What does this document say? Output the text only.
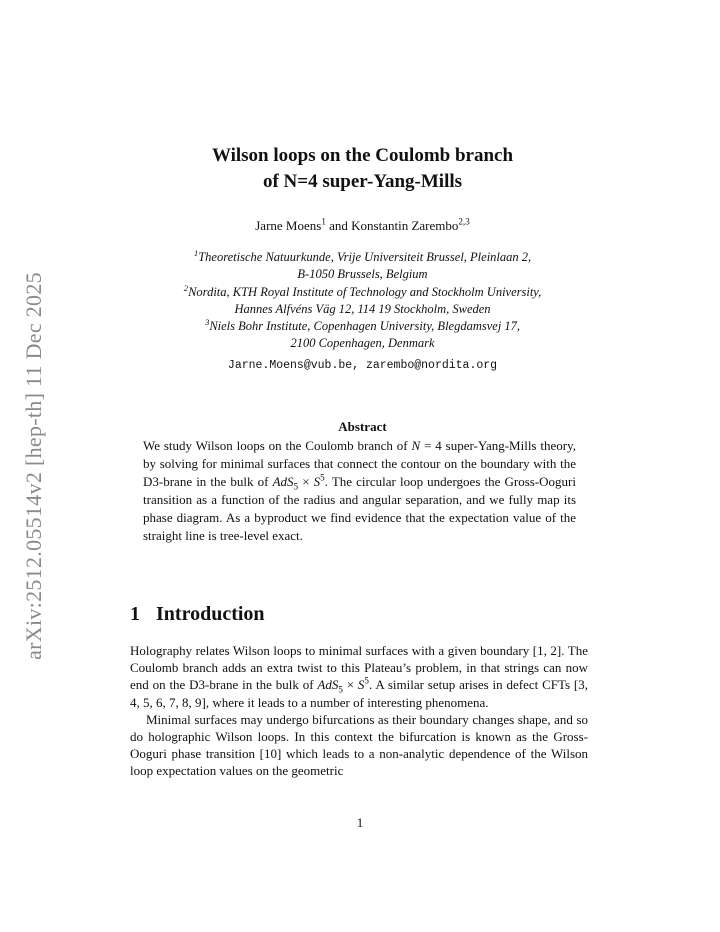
arXiv:2512.05514v2 [hep-th] 11 Dec 2025
Wilson loops on the Coulomb branch
of N=4 super-Yang-Mills
Jarne Moens$^1$ and Konstantin Zarembo$^{2,3}$
$^1$Theoretische Natuurkunde, Vrije Universiteit Brussel, Pleinlaan 2,
B-1050 Brussels, Belgium
$^2$Nordita, KTH Royal Institute of Technology and Stockholm University,
Hannes Alfvéns Väg 12, 114 19 Stockholm, Sweden
$^3$Niels Bohr Institute, Copenhagen University, Blegdamsvej 17,
2100 Copenhagen, Denmark
Jarne.Moens@vub.be, zarembo@nordita.org
Abstract
We study Wilson loops on the Coulomb branch of N = 4 super-Yang-Mills theory, by solving for minimal surfaces that connect the contour on the boundary with the D3-brane in the bulk of $AdS_5 \times S^5$. The circular loop undergoes the Gross-Ooguri transition as a function of the radius and angular separation, and we fully map its phase diagram. As a byproduct we find evidence that the expectation value of the straight line is tree-level exact.
1 Introduction

Holography relates Wilson loops to minimal surfaces with a given boundary [1, 2]. The Coulomb branch adds an extra twist to this Plateau’s problem, in that strings can now end on the D3-brane in the bulk of $AdS_5 \times S^5$. A similar setup arises in defect CFTs [3, 4, 5, 6, 7, 8, 9], where it leads to a number of interesting phenomena.

Minimal surfaces may undergo bifurcations as their boundary changes shape, and so do holographic Wilson loops. In this context the bifurcation is known as the Gross-Ooguri phase transition [10] which leads to a non-analytic dependence of the Wilson loop expectation values on the geometric

1
